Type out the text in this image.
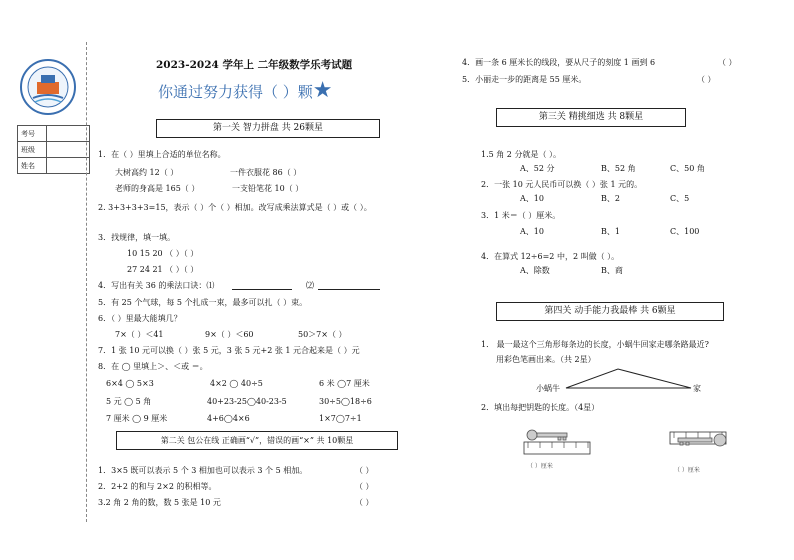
考号	
班级	
姓名	
2023-2024 学年上 二年级数学乐考试题
你通过努力获得（ ）颗★
第一关 智力拼盘 共 26颗星
1．在（ ）里填上合适的单位名称。
大树高约 12（ ）	一件衣服花 86（ ）
老师的身高是 165（ ）	一支铅笔花 10（ ）
2. 3+3+3+3=15，表示（ ）个（ ）相加。改写成乘法算式是（ ）或（ ）。
3．找规律，填一填。
10 15 20 （ ）（ ）
27 24 21 （ ）（ ）
4．写出有关 36 的乘法口诀：⑴	⑵
5．有 25 个气球，每 5 个扎成一束，最多可以扎（ ）束。
6．（ ）里最大能填几？
7×（ ）＜41	9×（ ）＜60	50＞7×（ ）
7．1 张 10 元可以换（ ）张 5 元，3 张 5 元+2 张 1 元合起来是（ ）元
8．在 ◯ 里填上＞、＜或 ＝。
6×4 ◯ 5×3	4×2 ◯ 40÷5	6 米 ◯7 厘米
5 元 ◯ 5 角	40+23-25◯40-23-5	30÷5◯18÷6
7 厘米 ◯ 9 厘米	4+6◯4×6	1×7◯7÷1
第二关 包公在线 正确画“√”，错误的画“×” 共 10颗星
1．3×5 既可以表示 5 个 3 相加也可以表示 3 个 5 相加。	（ ）
2．2+2 的和与 2×2 的积相等。	（ ）
3.2 角 2 角的数，数 5 张是 10 元	（ ）
4．画一条 6 厘米长的线段，要从尺子的刻度 1 画到 6	（ ）
5．小丽走一步的距离是 55 厘米。	（ ）
第三关 精挑细选 共 8颗星
1.5 角 2 分就是（ ）。
A、52 分	B、52 角	C、50 角
2．一张 10 元人民币可以换（ ）张 1 元的。
A、10	B、2	C、5
3．1 米＝（ ）厘米。
A、10	B、1	C、100
4．在算式 12÷6=2 中，2 叫做（ ）。
A、除数	B、商
第四关 动手能力我最棒 共 6颗星
1． 最一最这个三角形每条边的长度，小蜗牛回家走哪条路最近?
用彩色笔画出来。（共 2星）
小蜗牛	家
2．填出每把钥匙的长度。（4星）
（ ）厘米
（ ）厘米
